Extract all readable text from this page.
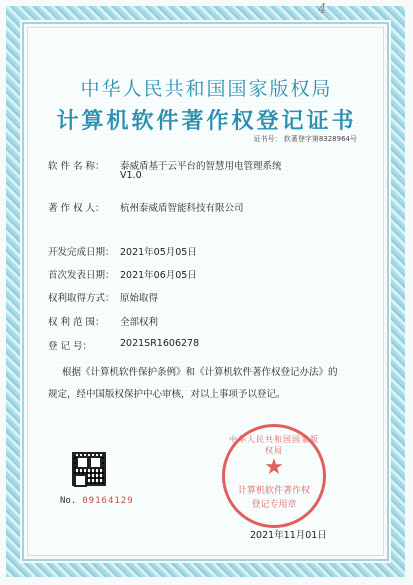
4
中华人民共和国国家版权局
计算机软件著作权登记证书
证书号： 软著登字第8328964号
软 件 名 称：	泰威盾基于云平台的智慧用电管理系统
V1.0
著 作 权 人：	杭州泰威盾智能科技有限公司
开发完成日期： 2021年05月05日
首次发表日期： 2021年06月05日
权利取得方式： 原始取得
权 利 范 围：	全部权利
登 记 号：	2021SR1606278
根据《计算机软件保护条例》和《计算机软件著作权登记办法》的
规定，经中国版权保护中心审核，对以上事项予以登记。
No. 09164129
中华人民共和国国家版权局
★
计算机软件著作权
登记专用章
2021年11月01日
